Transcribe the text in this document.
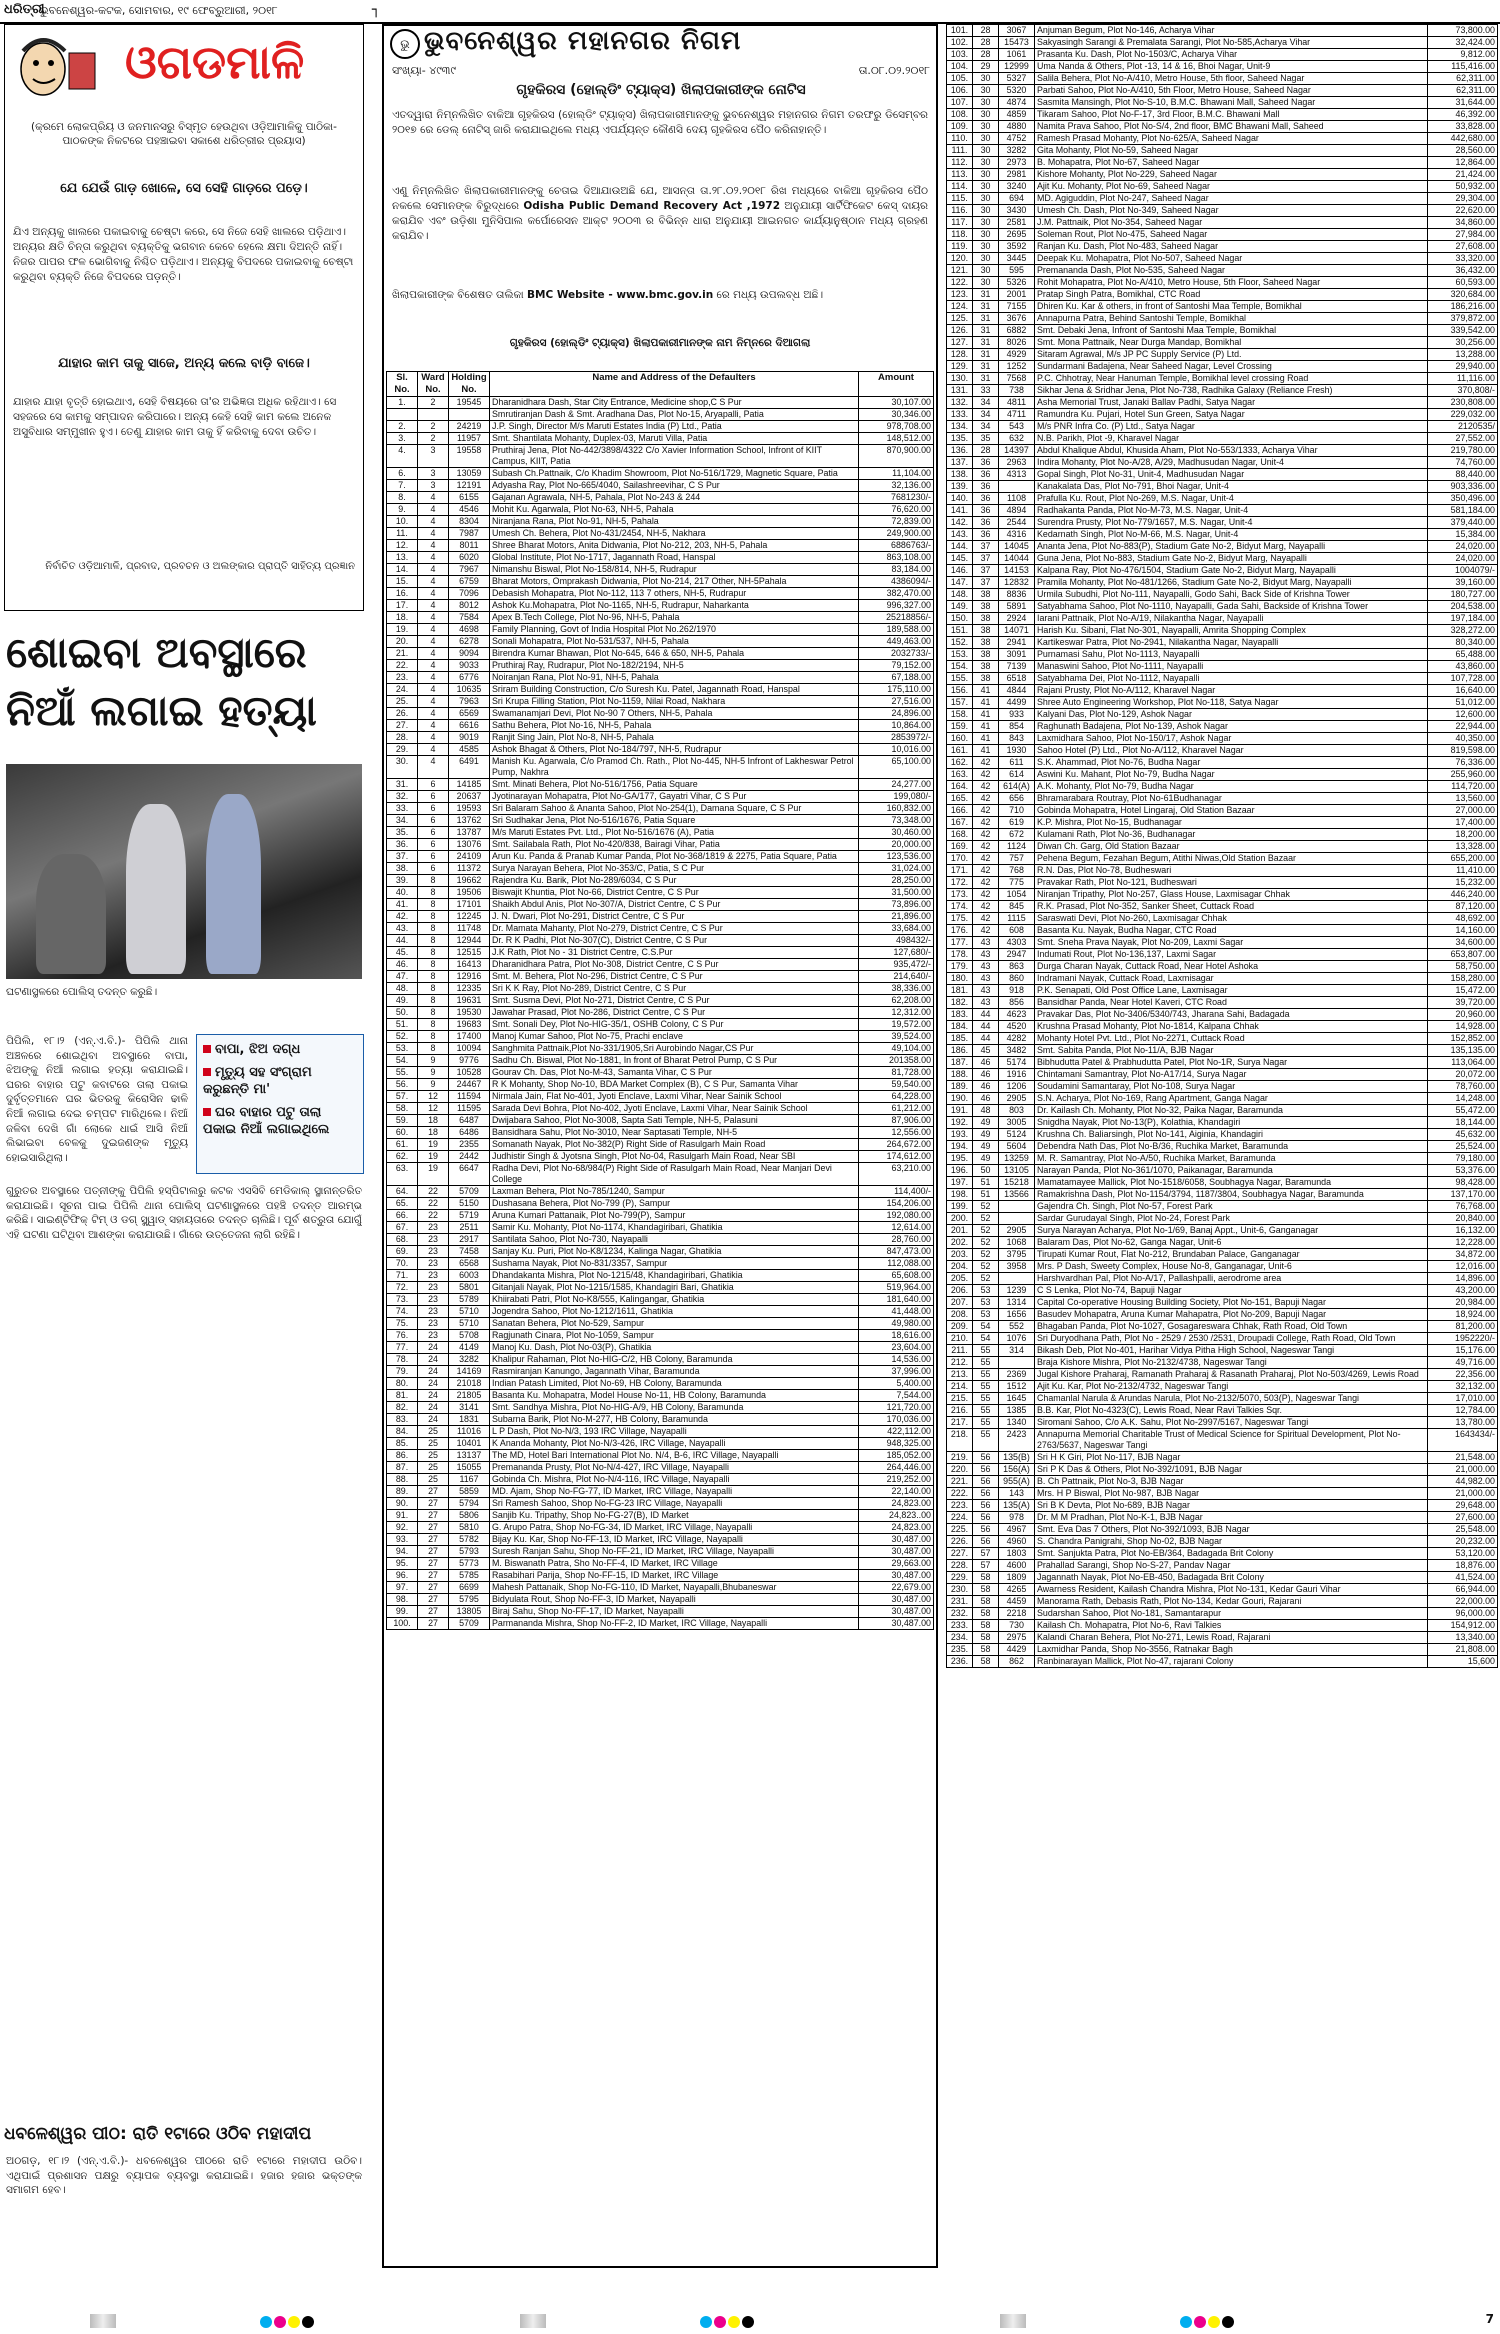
ଧରିତ୍ରୀ
ଭୁବନେଶ୍ୱର-କଟକ, ସୋମବାର, ୧୯ ଫେବ୍ରୁଆରୀ, ୨୦୧୮	┐
ଓଗଡମାଳି
(କ୍ରମେ ଲୋକପ୍ରିୟ ଓ ଜନମାନସରୁ ବିସ୍ମୃତ ହେଉଥିବା ଓଡ଼ିଆମାଳିକୁ ପାଠିକା-ପାଠକଙ୍କ ନିକଟରେ ପହଞ୍ଚାଇବା ସକାଶେ ଧରିତ୍ରୀର ପ୍ରୟାସ)
ଯେ ଯେଉଁ ଗାଡ଼ ଖୋଳେ, ସେ ସେହି ଗାଡ଼ରେ ପଡ଼େ।
ଯିଏ ଅନ୍ୟକୁ ଖାଲରେ ପକାଇବାକୁ ଚେଷ୍ଟା କରେ, ସେ ନିଜେ ସେହି ଖାଲରେ ପଡ଼ିଥାଏ। ଅନ୍ୟର କ୍ଷତି ଚିନ୍ତା କରୁଥିବା ବ୍ୟକ୍ତିକୁ ଭଗବାନ କେବେ ହେଲେ କ୍ଷମା ଦିଅନ୍ତି ନାହିଁ। ନିଜର ପାପର ଫଳ ଭୋଗିବାକୁ ନିଶ୍ଚିତ ପଡ଼ିଥାଏ। ଅନ୍ୟକୁ ବିପଦରେ ପକାଇବାକୁ ଚେଷ୍ଟା କରୁଥିବା ବ୍ୟକ୍ତି ନିଜେ ବିପଦରେ ପଡ଼ନ୍ତି।
ଯାହାର କାମ ତାକୁ ସାଜେ, ଅନ୍ୟ କଲେ ବାଡ଼ି ବାଜେ।
ଯାହାର ଯାହା ବୃତ୍ତି ହୋଇଥାଏ, ସେହି ବିଷୟରେ ତା'ର ଅଭିଜ୍ଞତା ଅଧିକ ରହିଥାଏ। ସେ ସହଜରେ ସେ କାମକୁ ସମ୍ପାଦନ କରିପାରେ। ଅନ୍ୟ କେହି ସେହି କାମ କଲେ ଅନେକ ଅସୁବିଧାର ସମ୍ମୁଖୀନ ହୁଏ। ତେଣୁ ଯାହାର କାମ ତାକୁ ହିଁ କରିବାକୁ ଦେବା ଉଚିତ।
ନିର୍ବାଚିତ ଓଡ଼ିଆମାଳି, ପ୍ରବାଦ, ପ୍ରବଚନ ଓ ଅଲଙ୍କାର ପ୍ରାପ୍ତି ସାହିତ୍ୟ ପ୍ରଜ୍ଞାନ
ଶୋଇବା ଅବସ୍ଥାରେ
ନିଆଁ ଲଗାଇ ହତ୍ୟା
ଘଟଣାସ୍ଥଳରେ ପୋଲିସ୍ ତଦନ୍ତ କରୁଛି।
ପିପିଲି, ୧୮।୨ (ଏନ୍.ଏ.ବି.)- ପିପିଲି ଥାନା ଅଞ୍ଚଳରେ ଶୋଇଥିବା ଅବସ୍ଥାରେ ବାପା, ଝିଅଙ୍କୁ ନିଆଁ ଲଗାଇ ହତ୍ୟା କରାଯାଇଛି। ଘରର ବାହାର ପଟୁ କବାଟରେ ତାଲା ପକାଇ ଦୁର୍ବୃତ୍ତମାନେ ଘର ଭିତରକୁ କିରୋସିନ ଢାଳି ନିଆଁ ଲଗାଇ ଦେଇ ଚମ୍ପଟ ମାରିଥିଲେ। ନିଆଁ ଜଳିବା ଦେଖି ଗାଁ ଲୋକେ ଧାଇଁ ଆସି ନିଆଁ ଲିଭାଇବା ବେଳକୁ ଦୁଇଜଣଙ୍କ ମୃତ୍ୟୁ ହୋଇସାରିଥିଲା।
ବାପା, ଝିଅ ଦଗ୍ଧ
ମୃତ୍ୟୁ ସହ ସଂଗ୍ରାମ କରୁଛନ୍ତି ମା'
ଘର ବାହାର ପଟୁ ତାଲା ପକାଇ ନିଆଁ ଲଗାଇଥିଲେ
ଗୁରୁତର ଅବସ୍ଥାରେ ପତ୍ନୀଙ୍କୁ ପିପିଲି ହସ୍ପିଟାଲରୁ କଟକ ଏସସିବି ମେଡିକାଲ୍ ସ୍ଥାନାନ୍ତରିତ କରାଯାଇଛି। ସୂଚନା ପାଇ ପିପିଲି ଥାନା ପୋଲିସ୍ ଘଟଣାସ୍ଥଳରେ ପହଞ୍ଚି ତଦନ୍ତ ଆରମ୍ଭ କରିଛି। ସାଇଣ୍ଟିଫିକ୍ ଟିମ୍ ଓ ଡଗ୍ ସ୍କ୍ୱାଡ୍ ସହାୟତାରେ ତଦନ୍ତ ଚାଲିଛି। ପୂର୍ବ ଶତ୍ରୁତା ଯୋଗୁଁ ଏହି ଘଟଣା ଘଟିଥିବା ଆଶଙ୍କା କରାଯାଉଛି। ଗାଁରେ ଉତ୍ତେଜନା ଲାଗି ରହିଛି।
ଧବଳେଶ୍ୱର ପୀଠ: ରାତି ୧ଟାରେ ଓଠିବ ମହାଦୀପ
ଅଠଗଡ଼, ୧୮।୨ (ଏନ୍.ଏ.ବି.)- ଧବଳେଶ୍ୱର ପୀଠରେ ରାତି ୧ଟାରେ ମହାଦୀପ ଉଠିବ। ଏଥିପାଇଁ ପ୍ରଶାସନ ପକ୍ଷରୁ ବ୍ୟାପକ ବ୍ୟବସ୍ଥା କରାଯାଇଛି। ହଜାର ହଜାର ଭକ୍ତଙ୍କ ସମାଗମ ହେବ।
ଭୁ ଭୁବନେଶ୍ୱର ମହାନଗର ନିଗମ
ସଂଖ୍ୟା- ୪୯୩୯	ତା.୦୮.୦୨.୨୦୧୮
ଗୃହକିରସ (ହୋଲ୍ଡିଂ ଟ୍ୟାକ୍ସ) ଖିଲାପକାରୀଙ୍କ ନୋଟିସ
ଏତଦ୍ୱାରା ନିମ୍ନଲିଖିତ ବାକିଆ ଗୃହକିରସ (ହୋଲ୍ଡିଂ ଟ୍ୟାକ୍ସ) ଖିଲାପକାରୀମାନଙ୍କୁ ଭୁବନେଶ୍ୱର ମହାନଗର ନିଗମ ତରଫରୁ ଡିସେମ୍ବର ୨୦୧୭ ରେ ଡେଲ୍ ନୋଟିସ୍ ଜାରି କରାଯାଇଥିଲେ ମଧ୍ୟ ଏପର୍ଯ୍ୟନ୍ତ କୌଣସି ଦେୟ ଗୃହକିରସ ପୈଠ କରିନାହାନ୍ତି।
ଏଣୁ ନିମ୍ନଲିଖିତ ଖିଲାପକାରୀମାନଙ୍କୁ ଚେତାଇ ଦିଆଯାଉଅଛି ଯେ, ଆସନ୍ତା ତା.୨୮.୦୨.୨୦୧୮ ରିଖ ମଧ୍ୟରେ ବାକିଆ ଗୃହକିରସ ପୈଠ ନକଲେ ସେମାନଙ୍କ ବିରୁଦ୍ଧରେ Odisha Public Demand Recovery Act ,1972 ଅନୁଯାୟୀ ସାର୍ଟିଫିକେଟ କେସ୍ ଦାୟର କରାଯିବ ଏବଂ ଉଡ଼ିଶା ମୁନିସିପାଲ କର୍ପୋରେସନ ଆକ୍ଟ ୨୦୦୩ ର ବିଭିନ୍ନ ଧାରା ଅନୁଯାୟୀ ଆଇନଗତ କାର୍ଯ୍ୟାନୁଷ୍ଠାନ ମଧ୍ୟ ଗ୍ରହଣ କରାଯିବ।
ଖିଲାପକାରୀଙ୍କ ବିଶେଷତ ତାଲିକା BMC Website - www.bmc.gov.in ରେ ମଧ୍ୟ ଉପଲବ୍ଧ ଅଛି।
ଗୃହକିରସ (ହୋଲ୍ଡିଂ ଟ୍ୟାକ୍ସ) ଖିଲାପକାରୀମାନଙ୍କ ନାମ ନିମ୍ନରେ ଦିଆଗଲା
Sl. No.	Ward No.	Holding No.	Name and Address of the Defaulters	Amount
1.	2	19545	Dharanidhara Dash, Star City Entrance, Medicine shop,C S Pur	30,107.00
			Smrutiranjan Dash & Smt. Aradhana Das, Plot No-15, Aryapalli, Patia	30,346.00
2.	2	24219	J.P. Singh, Director M/s Maruti Estates India (P) Ltd., Patia	978,708.00
3.	2	11957	Smt. Shantilata Mohanty, Duplex-03, Maruti Villa, Patia	148,512.00
4.	3	19558	Pruthiraj Jena, Plot No-442/3898/4322 C/o Xavier Information School, Infront of KIIT Campus, KIIT, Patia	870,900.00
6.	3	13059	Subash Ch.Pattnaik, C/o Khadim Showroom, Plot No-516/1729, Magnetic Square, Patia	11,104.00
7.	3	12191	Adyasha Ray, Plot No-665/4040, Sailashreevihar, C S Pur	32,136.00
8.	4	6155	Gajanan Agrawala, NH-5, Pahala, Plot No-243 & 244	7681230/-
9.	4	4546	Mohit Ku. Agarwala, Plot No-63, NH-5, Pahala	76,620.00
10.	4	8304	Niranjana Rana, Plot No-91, NH-5, Pahala	72,839.00
11.	4	7987	Umesh Ch. Behera, Plot No-431/2454, NH-5, Nakhara	249,900.00
12.	4	8011	Shree Bharat Motors, Anita Didwania, Plot No-212, 203, NH-5, Pahala	6886763/-
13.	4	6020	Global Institute, Plot No-1717, Jagannath Road, Hanspal	863,108.00
14.	4	7967	Nimanshu Biswal, Plot No-158/814, NH-5, Rudrapur	83,184.00
15.	4	6759	Bharat Motors, Omprakash Didwania, Plot No-214, 217 Other, NH-5Pahala	4386094/-
16.	4	7096	Debasish Mohapatra, Plot No-112, 113 7 others, NH-5, Rudrapur	382,470.00
17.	4	8012	Ashok Ku.Mohapatra, Plot No-1165, NH-5, Rudrapur, Naharkanta	996,327.00
18.	4	7584	Apex B.Tech College, Plot No-96, NH-5, Pahala	25218856/-
19.	4	4698	Family Planning, Govt of India Hospital Plot No.262/1970	189,588.00
20.	4	6278	Sonali Mohapatra, Plot No-531/537, NH-5, Pahala	449,463.00
21.	4	9094	Birendra Kumar Bhawan, Plot No-645, 646 & 650, NH-5, Pahala	2032733/-
22.	4	9033	Pruthiraj Ray, Rudrapur, Plot No-182/2194, NH-5	79,152.00
23.	4	6776	Noiranjan Rana, Plot No-91, NH-5, Pahala	67,188.00
24.	4	10635	Sriram Building Construction, C/o Suresh Ku. Patel, Jagannath Road, Hanspal	175,110.00
25.	4	7963	Sri Krupa Filling Station, Plot No-1159, Nilai Road, Nakhara	27,516.00
26.	4	6569	Swamanamjari Devi, Plot No-90 7 Others, NH-5, Pahala	24,896.00
27.	4	6616	Sathu Behera, Plot No-16, NH-5, Pahala	10,864.00
28.	4	9019	Ranjit Sing Jain, Plot No-8, NH-5, Pahala	2853972/-
29.	4	4585	Ashok Bhagat & Others, Plot No-184/797, NH-5, Rudrapur	10,016.00
30.	4	6491	Manish Ku. Agarwala, C/o Pramod Ch. Rath., Plot No-445, NH-5 Infront of Lakheswar Petrol Pump, Nakhra	65,100.00
31.	6	14185	Smt. Minati Behera, Plot No-516/1756, Patia Square	24,277.00
32.	6	20637	Jyotinarayan Mohapatra, Plot No-GA/177, Gayatri Vihar, C S Pur	199,080/-
33.	6	19593	Sri Balaram Sahoo & Ananta Sahoo, Plot No-254(1), Damana Square, C S Pur	160,832.00
34.	6	13762	Sri Sudhakar Jena, Plot No-516/1676, Patia Square	73,348.00
35.	6	13787	M/s Maruti Estates Pvt. Ltd., Plot No-516/1676 (A), Patia	30,460.00
36.	6	13076	Smt. Sailabala Rath, Plot No-420/838, Bairagi Vihar, Patia	20,000.00
37.	6	24109	Arun Ku. Panda & Pranab Kumar Panda, Plot No-368/1819 & 2275, Patia Square, Patia	123,536.00
38.	6	11372	Surya Narayan Behera, Plot No-353/C, Patia, S C Pur	31,024.00
39.	8	19662	Rajendra Ku. Barik, Plot No-289/6034, C S Pur	28,250.00
40.	8	19506	Biswajit Khuntia, Plot No-66, District Centre, C S Pur	31,500.00
41.	8	17101	Shaikh Abdul Anis, Plot No-307/A, District Centre, C S Pur	73,896.00
42.	8	12245	J. N. Dwari, Plot No-291, District Centre, C S Pur	21,896.00
43.	8	11748	Dr. Mamata Mahanty, Plot No-279, District Centre, C S Pur	33,684.00
44.	8	12944	Dr. R K Padhi, Plot No-307(C), District Centre, C S Pur	498432/-
45.	8	12515	J.K Rath, Plot No - 31 District Centre, C.S.Pur	127,680/-
46.	8	16413	Dharanidhara Patra, Plot No-308, District Centre, C S Pur	935,472/-
47.	8	12916	Smt. M. Behera, Plot No-296, District Centre, C S Pur	214,640/-
48.	8	12335	Sri K K Ray, Plot No-289, District Centre, C S Pur	38,336.00
49.	8	19631	Smt. Susma Devi, Plot No-271, District Centre, C S Pur	62,208.00
50.	8	19530	Jawahar Prasad, Plot No-286, District Centre, C S Pur	12,312.00
51.	8	19683	Smt. Sonali Dey, Plot No-HIG-35/1, OSHB Colony, C S Pur	19,572.00
52.	8	17400	Manoj Kumar Sahoo, Plot No-75, Prachi enclave	39,524.00
53.	8	10094	Sanghmita Pattnaik,Plot No-331/1905,Sri Aurobindo Nagar,CS Pur	49,104.00
54.	9	9776	Sadhu Ch. Biswal, Plot No-1881, In front of Bharat Petrol Pump, C S Pur	201358.00
55.	9	10528	Gourav Ch. Das, Plot No-M-43, Samanta Vihar, C S Pur	81,728.00
56.	9	24467	R K Mohanty, Shop No-10, BDA Market Complex (B), C S Pur, Samanta Vihar	59,540.00
57.	12	11594	Nirmala Jain, Flat No-401, Jyoti Enclave, Laxmi Vihar, Near Sainik School	64,228.00
58.	12	11595	Sarada Devi Bohra, Plot No-402, Jyoti Enclave, Laxmi Vihar, Near Sainik School	61,212.00
59.	18	6487	Dwijabara Sahoo, Plot No-3008, Sapta Sati Temple, NH-5, Palasuni	87,906.00
60.	18	6486	Bansidhara Sahu, Plot No-3010, Near Saptasati Temple, NH-5	12,556.00
61.	19	2355	Somanath Nayak, Plot No-382(P) Right Side of Rasulgarh Main Road	264,672.00
62.	19	2442	Judhistir Singh & Jyotsna Singh, Plot No-04, Rasulgarh Main Road, Near SBI	174,612.00
63.	19	6647	Radha Devi, Plot No-68/984(P) Right Side of Rasulgarh Main Road, Near Manjari Devi College	63,210.00
64.	22	5709	Laxman Behera, Plot No-785/1240, Sampur	114,400/-
65.	22	5150	Dushasana Behera, Plot No-799 (P), Sampur	154,206.00
66.	22	5719	Aruna Kumari Pattanaik, Plot No-799(P), Sampur	192,080.00
67.	23	2511	Samir Ku. Mohanty, Plot No-1174, Khandagiribari, Ghatikia	12,614.00
68.	23	2917	Santilata Sahoo, Plot No-730, Nayapalli	28,760.00
69.	23	7458	Sanjay Ku. Puri, Plot No-K8/1234, Kalinga Nagar, Ghatikia	847,473.00
70.	23	6568	Sushama Nayak, Plot No-831/3357, Sampur	112,088.00
71.	23	6003	Dhandakanta Mishra, Plot No-1215/48, Khandagiribari, Ghatikia	65,608.00
72.	23	5801	Gitanjali Nayak, Plot No-1215/1585, Khandagiri Bari, Ghatikia	519,964.00
73.	23	5789	Khiirabati Patri, Plot No-K8/555, Kalingangar, Ghatikia	181,640.00
74.	23	5710	Jogendra Sahoo, Plot No-1212/1611, Ghatikia	41,448.00
75.	23	5710	Sanatan Behera, Plot No-529, Sampur	49,980.00
76.	23	5708	Ragjunath Cinara, Plot No-1059, Sampur	18,616.00
77.	24	4149	Manoj Ku. Dash, Plot No-03(P), Ghatikia	23,604.00
78.	24	3282	Khalipur Rahaman, Plot No-HIG-C/2, HB Colony, Baramunda	14,536.00
79.	24	14169	Rasmiranjan Kanungo, Jagannath Vihar, Baramunda	37,996.00
80.	24	21018	Indian Patash Limited, Plot No-69, HB Colony, Baramunda	5,400.00
81.	24	21805	Basanta Ku. Mohapatra, Model House No-11, HB Colony, Baramunda	7,544.00
82.	24	3141	Smt. Sandhya Mishra, Plot No-HIG-A/9, HB Colony, Baramunda	121,720.00
83.	24	1831	Subarna Barik, Plot No-M-277, HB Colony, Baramunda	170,036.00
84.	25	11016	L P Dash, Plot No-N/3, 193 IRC Village, Nayapalli	422,112.00
85.	25	10401	K Ananda Mohanty, Plot No-N/3-426, IRC Village, Nayapalli	948,325.00
86.	25	13137	The MD, Hotel Bari International Plot No. N/4, B-6, IRC Village, Nayapalli	185,052.00
87.	25	15055	Premananda Prusty, Plot No-N/4-427, IRC Village, Nayapalli	264,446.00
88.	25	1167	Gobinda Ch. Mishra, Plot No-N/4-116, IRC Village, Nayapalli	219,252.00
89.	27	5859	MD. Ajam, Shop No-FG-77, ID Market, IRC Village, Nayapalli	22,140.00
90.	27	5794	Sri Ramesh Sahoo, Shop No-FG-23 IRC Village, Nayapalli	24,823.00
91.	27	5806	Sanjib Ku. Tripathy, Shop No-FG-27(B), ID Market	24,823..00
92.	27	5810	G. Arupo Patra, Shop No-FG-34, ID Market, IRC Village, Nayapalli	24,823.00
93.	27	5782	Bijay Ku. Kar, Shop No-FF-13, ID Market, IRC Village, Nayapalli	30,487.00
94.	27	5793	Suresh Ranjan Sahu, Shop No-FF-21, ID Market, IRC Village, Nayapalli	30,487.00
95.	27	5773	M. Biswanath Patra, Sho No-FF-4, ID Market, IRC Village	29,663.00
96.	27	5785	Rasabihari Parija, Shop No-FF-15, ID Market, IRC Village	30,487.00
97.	27	6699	Mahesh Pattanaik, Shop No-FG-110, ID Market, Nayapalli,Bhubaneswar	22,679.00
98.	27	5795	Bidyulata Rout, Shop No-FF-3, ID Market, Nayapalli	30,487.00
99.	27	13805	Biraj Sahu, Shop No-FF-17, ID Market, Nayapalli	30,487.00
100.	27	5709	Parmananda Mishra, Shop No-FF-2, ID Market, IRC Village, Nayapalli	30,487.00
101.	28	3067	Anjuman Begum, Plot No-146, Acharya Vihar	73,800.00
102.	28	15473	Sakyasingh Sarangi & Premalata Sarangi, Plot No-585,Acharya Vihar	32,424.00
103.	28	1061	Prasanta Ku. Dash, Plot No-1503/C, Acharya Vihar	9,812.00
104.	29	12999	Uma Nanda & Others, Plot -13, 14 & 16, Bhoi Nagar, Unit-9	115,416.00
105.	30	5327	Salila Behera, Plot No-A/410, Metro House, 5th floor, Saheed Nagar	62,311.00
106.	30	5320	Parbati Sahoo, Plot No-A/410, 5th Floor, Metro House, Saheed Nagar	62,311.00
107.	30	4874	Sasmita Mansingh, Plot No-S-10, B.M.C. Bhawani Mall, Saheed Nagar	31,644.00
108.	30	4859	Tikaram Sahoo, Plot No-F-17, 3rd Floor, B.M.C. Bhawani Mall	46,392.00
109.	30	4880	Namita Prava Sahoo, Plot No-S/4, 2nd floor, BMC Bhawani Mall, Saheed	33,828.00
110.	30	4752	Ramesh Prasad Mohanty, Plot No-625/A, Saheed Nagar	442,680.00
111.	30	3282	Gita Mohanty, Plot No-59, Saheed Nagar	28,560.00
112.	30	2973	B. Mohapatra, Plot No-67, Saheed Nagar	12,864.00
113.	30	2981	Kishore Mohanty, Plot No-229, Saheed Nagar	21,424.00
114.	30	3240	Ajit Ku. Mohanty, Plot No-69, Saheed Nagar	50,932.00
115.	30	694	MD. Agiguddin, Plot No-247, Saheed Nagar	29,304.00
116.	30	3430	Umesh Ch. Dash, Plot No-349, Saheed Nagar	22,620.00
117.	30	2581	J.M. Pattnaik, Plot No-354, Saheed Nagar	34,860.00
118.	30	2695	Soleman Rout, Plot No-475, Saheed Nagar	27,984.00
119.	30	3592	Ranjan Ku. Dash, Plot No-483, Saheed Nagar	27,608.00
120.	30	3445	Deepak Ku. Mohapatra, Plot No-507, Saheed Nagar	33,320.00
121.	30	595	Premananda Dash, Plot No-535, Saheed Nagar	36,432.00
122.	30	5326	Rohit Mohapatra, Plot No-A/410, Metro House, 5th Floor, Saheed Nagar	60,593.00
123.	31	2001	Pratap Singh Patra, Bomikhal, CTC Road	320,684.00
124.	31	7155	Dhiren Ku. Kar & others, in front of Santoshi Maa Temple, Bomikhal	186,216.00
125.	31	3676	Annapurna Patra, Behind Santoshi Temple, Bomikhal	379,872.00
126.	31	6882	Smt. Debaki Jena, Infront of Santoshi Maa Temple, Bomikhal	339,542.00
127.	31	8026	Smt. Mona Pattnaik, Near Durga Mandap, Bomikhal	30,256.00
128.	31	4929	Sitaram Agrawal, M/s JP PC Supply Service (P) Ltd.	13,288.00
129.	31	1252	Sundarmani Badajena, Near Saheed Nagar, Level Crossing	29,940.00
130.	31	7568	P.C. Chhotray, Near Hanuman Temple, Bomikhal level crossing Road	11,116.00
131.	33	738	Sikhar Jena & Sridhar Jena, Plot No-738, Radhika Galaxy (Reliance Fresh)	370,808/-
132.	34	4811	Asha Memorial Trust, Janaki Ballav Padhi, Satya Nagar	230,808.00
133.	34	4711	Ramundra Ku. Pujari, Hotel Sun Green, Satya Nagar	229,032.00
134.	34	543	M/s PNR Infra Co. (P) Ltd., Satya Nagar	2120535/
135.	35	632	N.B. Parikh, Plot -9, Kharavel Nagar	27,552.00
136.	28	14397	Abdul Khalique Abdul, Khusida Aham, Plot No-553/1333, Acharya Vihar	219,780.00
137.	36	2963	Indira Mohanty, Plot No-A/28, A/29, Madhusudan Nagar, Unit-4	74,760.00
138.	36	4313	Gopal Singh, Plot No-31, Unit-4, Madhusudan Nagar	88,440.00
139.	36		Kanakalata Das, Plot No-791, Bhoi Nagar, Unit-4	903,336.00
140.	36	1108	Prafulla Ku. Rout, Plot No-269, M.S. Nagar, Unit-4	350,496.00
141.	36	4894	Radhakanta Panda, Plot No-M-73, M.S. Nagar, Unit-4	581,184.00
142.	36	2544	Surendra Prusty, Plot No-779/1657, M.S. Nagar, Unit-4	379,440.00
143.	36	4316	Kedarnath Singh, Plot No-M-66, M.S. Nagar, Unit-4	15,384.00
144.	37	14045	Ananta Jena, Plot No-883(P), Stadium Gate No-2, Bidyut Marg, Nayapalli	24,020.00
145.	37	14044	Guna Jena, Plot No-883, Stadium Gate No-2, Bidyut Marg, Nayapalli	24,020.00
146.	37	14153	Kalpana Ray, Plot No-476/1504, Stadium Gate No-2, Bidyut Marg, Nayapalli	1004079/-
147.	37	12832	Pramila Mohanty, Plot No-481/1266, Stadium Gate No-2, Bidyut Marg, Nayapalli	39,160.00
148.	38	8836	Urmila Subudhi, Plot No-111, Nayapalli, Godo Sahi, Back Side of Krishna Tower	180,727.00
149.	38	5891	Satyabhama Sahoo, Plot No-1110, Nayapalli, Gada Sahi, Backside of Krishna Tower	204,538.00
150.	38	2924	Iarani Pattnaik, Plot No-A/19, Nilakantha Nagar, Nayapalli	197,184.00
151.	38	14071	Harish Ku. Sibani, Flat No-301, Nayapalli, Amrita Shopping Complex	328,272.00
152.	38	2941	Kartikeswar Patra, Plot No-2941, Nilakantha Nagar, Nayapalli	80,340.00
153.	38	3091	Purnamasi Sahu, Plot No-1113, Nayapalli	65,488.00
154.	38	7139	Manaswini Sahoo, Plot No-1111, Nayapalli	43,860.00
155.	38	6518	Satyabhama Dei, Plot No-1112, Nayapalli	107,728.00
156.	41	4844	Rajani Prusty, Plot No-A/112, Kharavel Nagar	16,640.00
157.	41	4499	Shree Auto Engineering Workshop, Plot No-118, Satya Nagar	51,012.00
158.	41	933	Kalyani Das, Plot No-129, Ashok Nagar	12,600.00
159.	41	854	Raghunath Badajena, Plot No-139, Ashok Nagar	22,944.00
160.	41	843	Laxmidhara Sahoo, Plot No-150/17, Ashok Nagar	40,350.00
161.	41	1930	Sahoo Hotel (P) Ltd., Plot No-A/112, Kharavel Nagar	819,598.00
162.	42	611	S.K. Ahammad, Plot No-76, Budha Nagar	76,336.00
163.	42	614	Aswini Ku. Mahant, Plot No-79, Budha Nagar	255,960.00
164.	42	614(A)	A.K. Mohanty, Plot No-79, Budha Nagar	114,720.00
165.	42	656	Bhramarabara Routray, Plot No-61Budhanagar	13,560.00
166.	42	710	Gobinda Mohapatra, Hotel Lingaraj, Old Station Bazaar	27,000.00
167.	42	619	K.P. Mishra, Plot No-15, Budhanagar	17,400.00
168.	42	672	Kulamani Rath, Plot No-36, Budhanagar	18,200.00
169.	42	1124	Diwan Ch. Garg, Old Station Bazaar	13,328.00
170.	42	757	Pehena Begum, Fezahan Begum, Atithi Niwas,Old Station Bazaar	655,200.00
171.	42	768	R.N. Das, Plot No-78, Budheswari	11,410.00
172.	42	775	Pravakar Rath, Plot No-121, Budheswari	15,232.00
173.	42	1054	Niranjan Tripathy, Plot No-257, Glass House, Laxmisagar Chhak	446,240.00
174.	42	845	R.K. Prasad, Plot No-352, Sanker Sheet, Cuttack Road	87,120.00
175.	42	1115	Saraswati Devi, Plot No-260, Laxmisagar Chhak	48,692.00
176.	42	608	Basanta Ku. Nayak, Budha Nagar, CTC Road	14,160.00
177.	43	4303	Smt. Sneha Prava Nayak, Plot No-209, Laxmi Sagar	34,600.00
178.	43	2947	Indumati Rout, Plot No-136,137, Laxmi Sagar	653,807.00
179.	43	863	Durga Charan Nayak, Cuttack Road, Near Hotel Ashoka	58,750.00
180.	43	860	Indramani Nayak, Cuttack Road, Laxmisagar	158,280.00
181.	43	918	P.K. Senapati, Old Post Office Lane, Laxmisagar	15,472.00
182.	43	856	Bansidhar Panda, Near Hotel Kaveri, CTC Road	39,720.00
183.	44	4623	Pravakar Das, Plot No-3406/5340/743, Jharana Sahi, Badagada	20,960.00
184.	44	4520	Krushna Prasad Mohanty, Plot No-1814, Kalpana Chhak	14,928.00
185.	44	4282	Mohanty Hotel Pvt. Ltd., Plot No-2271, Cuttack Road	152,852.00
186.	45	3482	Smt. Sabita Panda, Plot No-11/A, BJB Nagar	135,135.00
187.	46	5174	Bibhudutta Patel & Prabhudutta Patel, Plot No-1R, Surya Nagar	113,064.00
188.	46	1916	Chintamani Samantray, Plot No-A17/14, Surya Nagar	20,072.00
189.	46	1206	Soudamini Samantaray, Plot No-108, Surya Nagar	78,760.00
190.	46	2905	S.N. Acharya, Plot No-169, Rang Apartment, Ganga Nagar	14,248.00
191.	48	803	Dr. Kailash Ch. Mohanty, Plot No-32, Paika Nagar, Baramunda	55,472.00
192.	49	3005	Snigdha Nayak, Plot No-13(P), Kolathia, Khandagiri	18,144.00
193.	49	5124	Krushna Ch. Baliarsingh, Plot No-141, Aiginia, Khandagiri	45,632.00
194.	49	5604	Debendra Nath Das, Plot No-B/36, Ruchika Market, Baramunda	25,524.00
195.	49	13259	M. R. Samantray, Plot No-A/50, Ruchika Market, Baramunda	79,180.00
196.	50	13105	Narayan Panda, Plot No-361/1070, Paikanagar, Baramunda	53,376.00
197.	51	15218	Mamatamayee Mallick, Plot No-1518/6058, Soubhagya Nagar, Baramunda	98,428.00
198.	51	13566	Ramakrishna Dash, Plot No-1154/3794, 1187/3804, Soubhagya Nagar, Baramunda	137,170.00
199.	52		Gajendra Ch. Singh, Plot No-57, Forest Park	76,768.00
200.	52		Sardar Gurudayal Singh, Plot No-24, Forest Park	20,840.00
201.	52	2905	Surya Narayan Acharya, Plot No-1/69, Banaj Appt., Unit-6, Ganganagar	16,132.00
202.	52	1068	Balaram Das, Plot No-62, Ganga Nagar, Unit-6	12,228.00
203.	52	3795	Tirupati Kumar Rout, Flat No-212, Brundaban Palace, Ganganagar	34,872.00
204.	52	3958	Mrs. P Dash, Sweety Complex, House No-8, Ganganagar, Unit-6	12,016.00
205.	52		Harshvardhan Pal, Plot No-A/17, Pallashpalli, aerodrome area	14,896.00
206.	53	1239	C S Lenka, Plot No-74, Bapuji Nagar	43,200.00
207.	53	1314	Capital Co-operative Housing Building Society, Plot No-151, Bapuji Nagar	20,984.00
208.	53	1656	Basudev Mohapatra, Aruna Kumar Mahapatra, Plot No-209, Bapuji Nagar	18,924.00
209.	54	552	Bhagaban Panda, Plot No-1027, Gosagareswara Chhak, Rath Road, Old Town	81,200.00
210.	54	1076	Sri Duryodhana Path, Plot No - 2529 / 2530 /2531, Droupadi College, Rath Road, Old Town	1952220/-
211.	55	314	Bikash Deb, Plot No-401, Harihar Vidya Pitha High School, Nageswar Tangi	15,176.00
212.	55		Braja Kishore Mishra, Plot No-2132/4738, Nageswar Tangi	49,716.00
213.	55	2369	Jugal Kishore Praharaj, Ramanath Praharaj & Rasanath Praharaj, Plot No-503/4269, Lewis Road	22,356.00
214.	55	1512	Ajit Ku. Kar, Plot No-2132/4732, Nageswar Tangi	32,132.00
215.	55	1645	Chamanlal Narula & Arundas Narula, Plot No-2132/5070, 503(P), Nageswar Tangi	17,010.00
216.	55	1385	B.B. Kar, Plot No-4323(C), Lewis Road, Near Ravi Talkies Sqr.	12,784.00
217.	55	1340	Siromani Sahoo, C/o A.K. Sahu, Plot No-2997/5167, Nageswar Tangi	13,780.00
218.	55	2423	Annapurna Memorial Charitable Trust of Medical Science for Spiritual Development, Plot No-2763/5637, Nageswar Tangi	1643434/-
219.	56	135(B)	Sri H K Giri, Plot No-117, BJB Nagar	21,548.00
220.	56	156(A)	Sri P K Das & Others, Plot No-392/1091, BJB Nagar	21,000.00
221.	56	955(A)	B. Ch Pattnaik, Plot No-3, BJB Nagar	44,982.00
222.	56	143	Mrs. H P Biswal, Plot No-987, BJB Nagar	21,000.00
223.	56	135(A)	Sri B K Devta, Plot No-689, BJB Nagar	29,648.00
224.	56	978	Dr. M M Pradhan, Plot No-K-1, BJB Nagar	27,600.00
225.	56	4967	Smt. Eva Das 7 Others, Plot No-392/1093, BJB Nagar	25,548.00
226.	56	4960	S. Chandra Panigrahi, Shop No-02, BJB Nagar	20,232.00
227.	57	1803	Smt. Sanjukta Patra, Plot No-EB/364, Badagada Brit Colony	53,120.00
228.	57	4600	Prahallad Sarangi, Shop No-S-27, Pandav Nagar	18,876.00
229.	58	1809	Jagannath Nayak, Plot No-EB-450, Badagada Brit Colony	41,524.00
230.	58	4265	Awarness Resident, Kailash Chandra Mishra, Plot No-131, Kedar Gauri Vihar	66,944.00
231.	58	4459	Manorama Rath, Debasis Rath, Plot No-134, Kedar Gouri, Rajarani	22,000.00
232.	58	2218	Sudarshan Sahoo, Plot No-181, Samantarapur	96,000.00
233.	58	730	Kailash Ch. Mohapatra, Plot No-6, Ravi Talkies	154,912.00
234.	58	2975	Kalandi Charan Behera, Plot No-271, Lewis Road, Rajarani	13,340.00
235.	58	4429	Laxmidhar Panda, Shop No-3556, Ratnakar Bagh	21,808.00
236.	58	862	Ranbinarayan Mallick, Plot No-47, rajarani Colony	15,600
7
